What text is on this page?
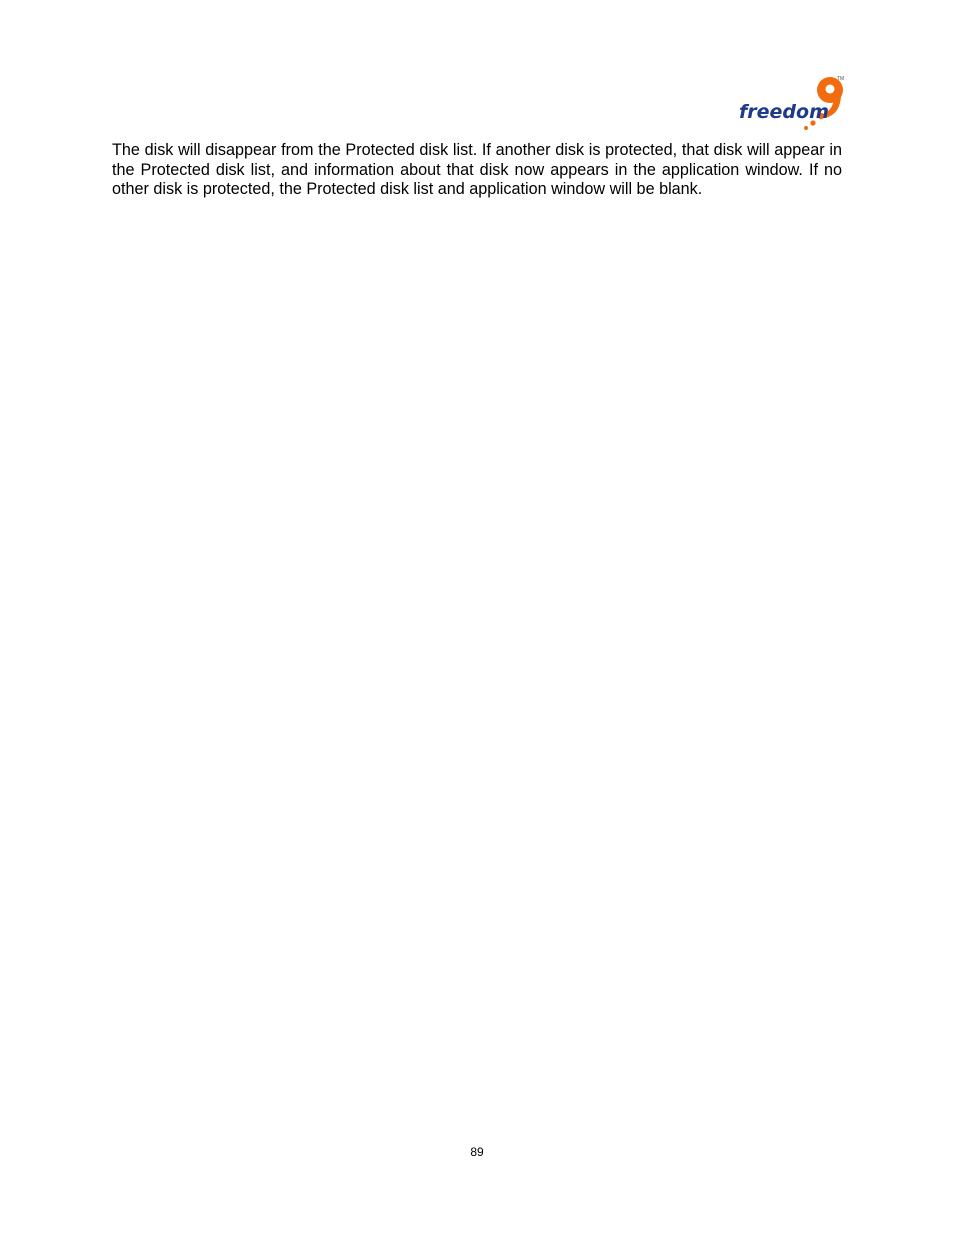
freedom
TM

The disk will disappear from the Protected disk list. If another disk is protected, that disk will appear in the Protected disk list, and information about that disk now appears in the application window. If no other disk is protected, the Protected disk list and application window will be blank.

89
